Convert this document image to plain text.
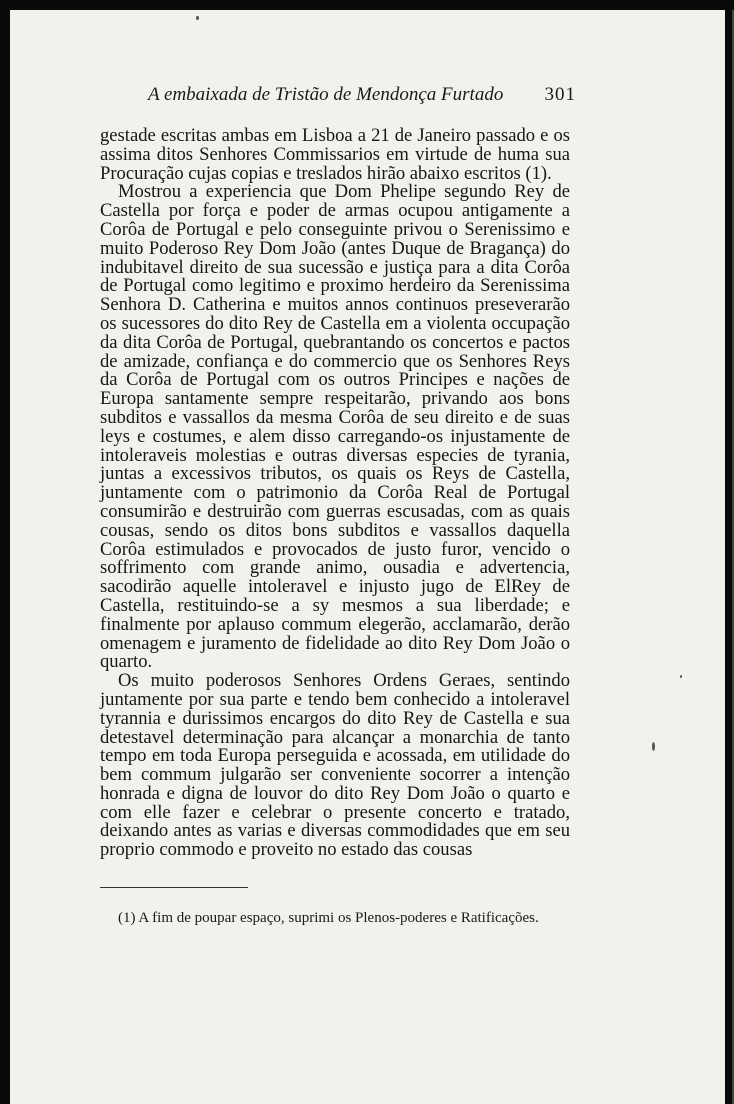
A embaixada de Tristão de Mendonça Furtado 301

gestade escritas ambas em Lisboa a 21 de Janeiro passado e os assima ditos Senhores Commissarios em virtude de huma sua Procuração cujas copias e treslados hirão abaixo escritos (1).

Mostrou a experiencia que Dom Phelipe segundo Rey de Castella por força e poder de armas ocupou antigamente a Corôa de Portugal e pelo conseguinte privou o Serenissimo e muito Poderoso Rey Dom João (antes Duque de Bragança) do indubitavel direito de sua sucessão e justiça para a dita Corôa de Portugal como legitimo e proximo herdeiro da Serenissima Senhora D. Catherina e muitos annos continuos preseverarão os sucessores do dito Rey de Castella em a violenta occupação da dita Corôa de Portugal, quebrantando os concertos e pactos de amizade, confiança e do commercio que os Senhores Reys da Corôa de Portugal com os outros Principes e nações de Europa santamente sempre respeitarão, privando aos bons subditos e vassallos da mesma Corôa de seu direito e de suas leys e costumes, e alem disso carregando-os injustamente de intoleraveis molestias e outras diversas especies de tyrania, juntas a excessivos tributos, os quais os Reys de Castella, juntamente com o patrimonio da Corôa Real de Portugal consumirão e destruirão com guerras escusadas, com as quais cousas, sendo os ditos bons subditos e vassallos daquella Corôa estimulados e provocados de justo furor, vencido o soffrimento com grande animo, ousadia e advertencia, sacodirão aquelle intoleravel e injusto jugo de ElRey de Castella, restituindo-se a sy mesmos a sua liberdade; e finalmente por aplauso commum elegerão, acclamarão, derão omenagem e juramento de fidelidade ao dito Rey Dom João o quarto.

Os muito poderosos Senhores Ordens Geraes, sentindo juntamente por sua parte e tendo bem conhecido a intoleravel tyrannia e durissimos encargos do dito Rey de Castella e sua detestavel determinação para alcançar a monarchia de tanto tempo em toda Europa perseguida e acossada, em utilidade do bem commum julgarão ser conveniente socorrer a intenção honrada e digna de louvor do dito Rey Dom João o quarto e com elle fazer e celebrar o presente concerto e tratado, deixando antes as varias e diversas commodidades que em seu proprio commodo e proveito no estado das cousas

(1) A fim de poupar espaço, suprimi os Plenos-poderes e Ratificações.
